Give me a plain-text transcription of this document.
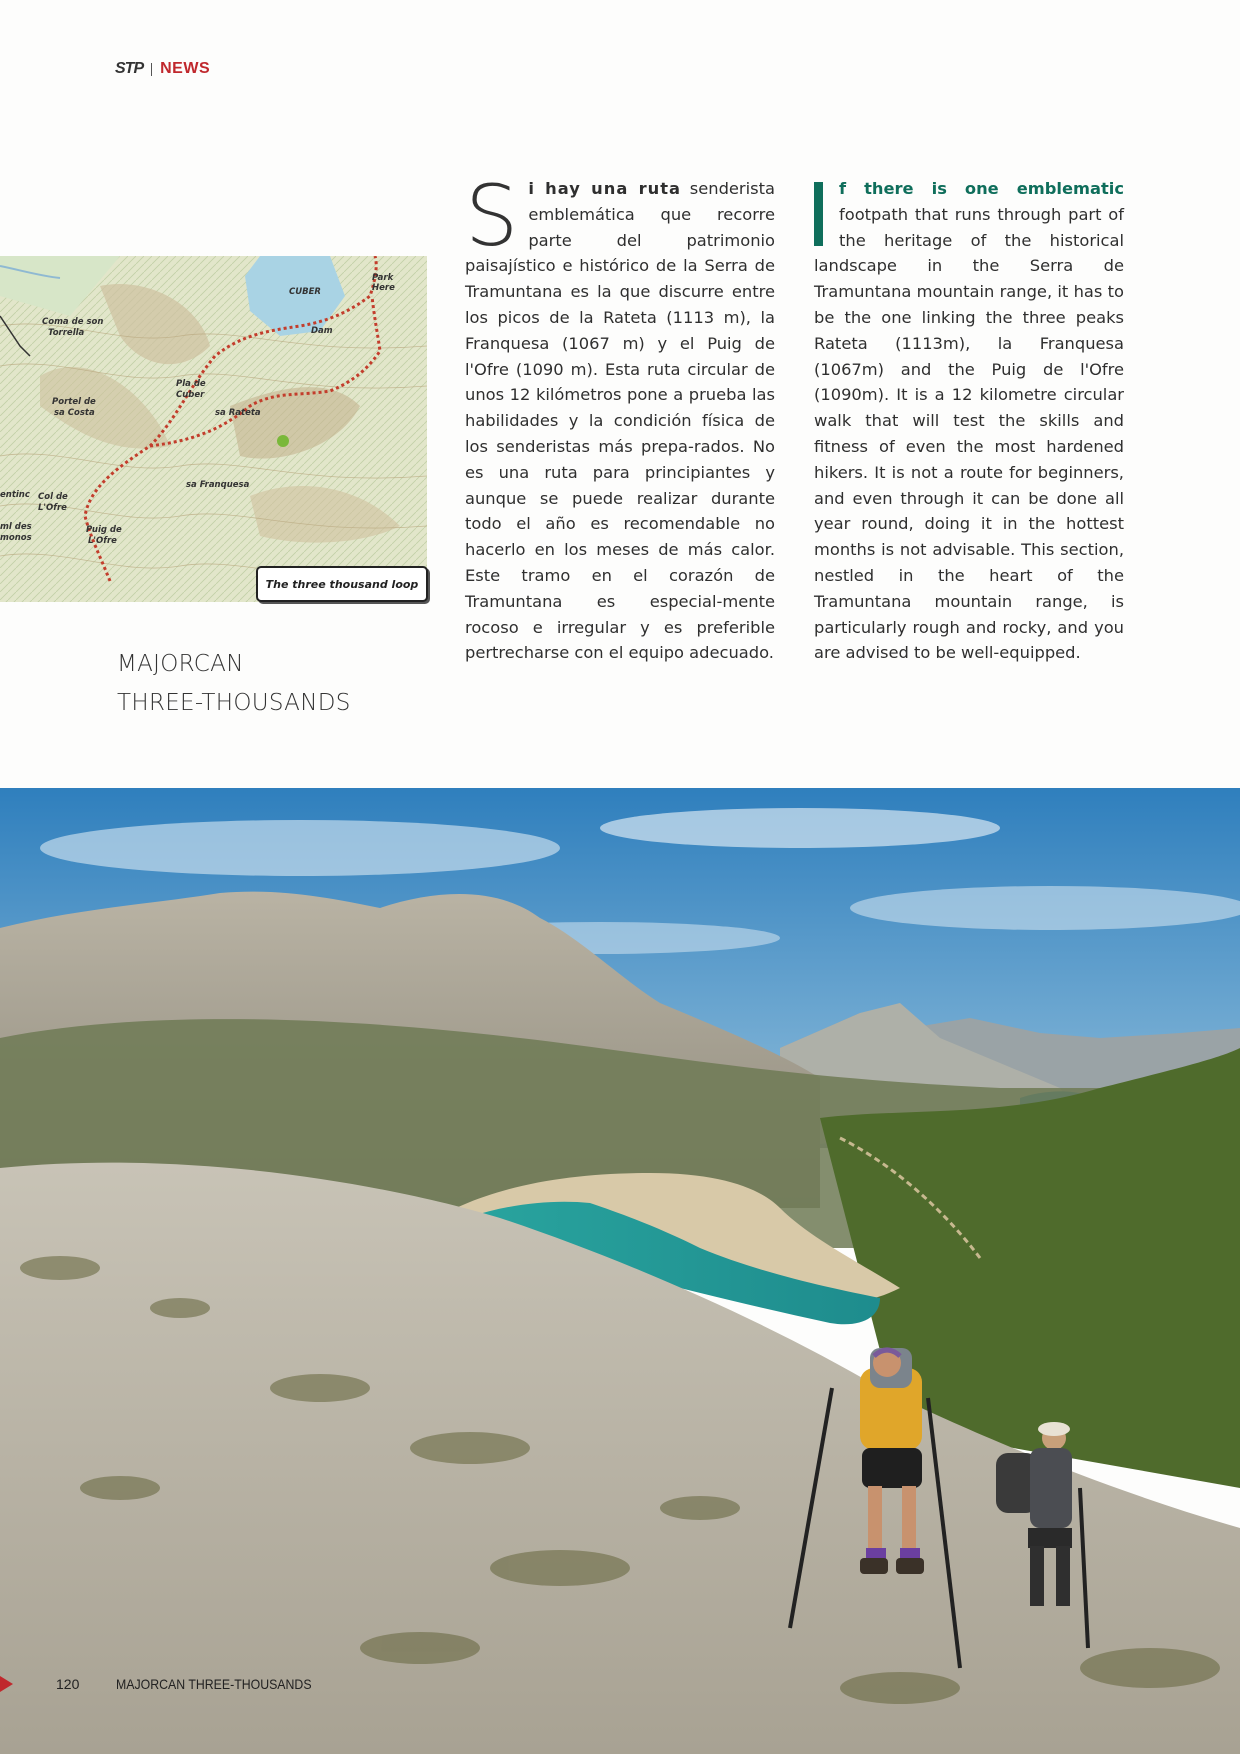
STP NEWS
CUBER
Park
Here
Coma de son
Torrella
Pla de
Cuber
Dam
sa Rateta
Portel de
sa Costa
sa Franquesa
Col de
L'Ofre
Puig de
L'Ofre
ml des
monos
entinc
The three thousand loop
Si hay una ruta senderista emblemática que recorre parte del patrimonio paisajístico e histórico de la Serra de Tramuntana es la que discurre entre los picos de la Rateta (1113 m), la Franquesa (1067 m) y el Puig de l'Ofre (1090 m). Esta ruta circular de unos 12 kilómetros pone a prueba las habilidades y la condición física de los senderistas más prepa-rados. No es una ruta para principiantes y aunque se puede realizar durante todo el año es recomendable no hacerlo en los meses de más calor. Este tramo en el corazón de Tramuntana es especial-mente rocoso e irregular y es preferible pertrecharse con el equipo adecuado.
f there is one emblematic footpath that runs through part of the heritage of the historical landscape in the Serra de Tramuntana mountain range, it has to be the one linking the three peaks Rateta (1113m), la Franquesa (1067m) and the Puig de l'Ofre (1090m). It is a 12 kilometre circular walk that will test the skills and fitness of even the most hardened hikers. It is not a route for beginners, and even through it can be done all year round, doing it in the hottest months is not advisable. This section, nestled in the heart of the Tramuntana mountain range, is particularly rough and rocky, and you are advised to be well-equipped.
MAJORCAN
THREE-THOUSANDS
120	MAJORCAN THREE-THOUSANDS
